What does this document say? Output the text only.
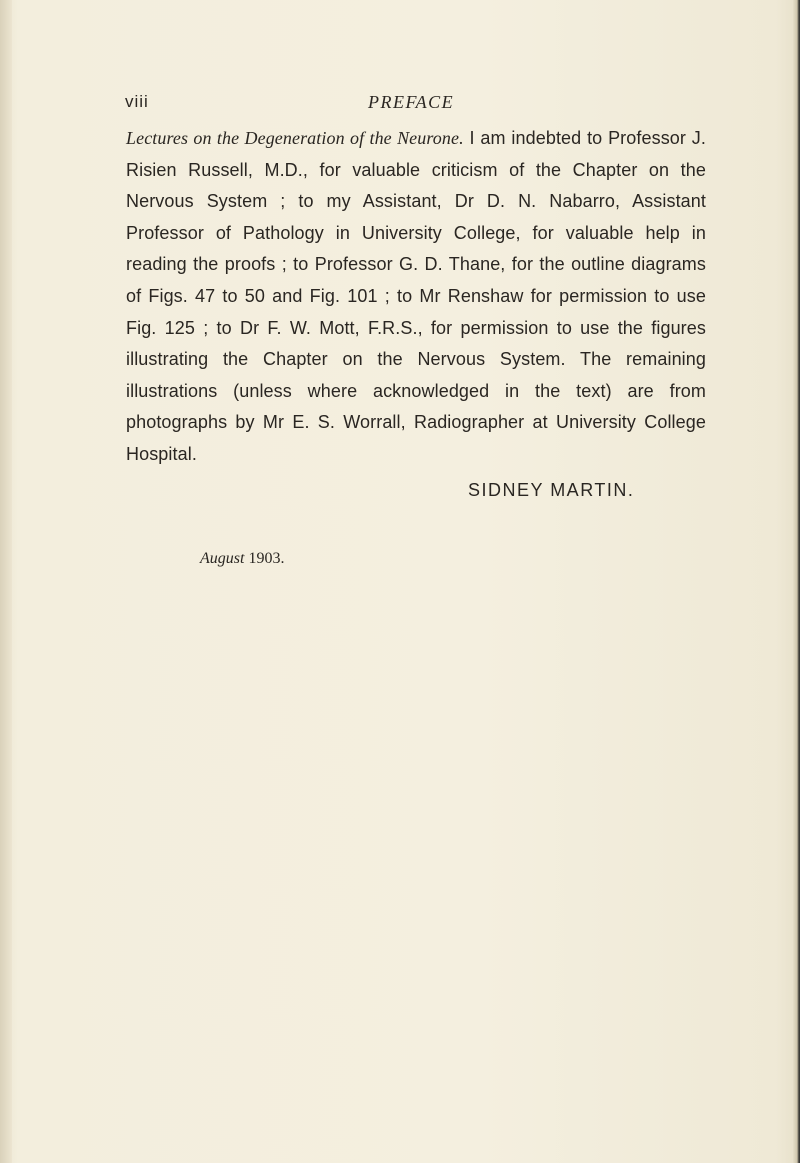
viii	PREFACE
Lectures on the Degeneration of the Neurone. I am indebted to Professor J. Risien Russell, M.D., for valuable criticism of the Chapter on the Nervous System ; to my Assistant, Dr D. N. Nabarro, Assistant Professor of Pathology in University College, for valuable help in reading the proofs ; to Professor G. D. Thane, for the outline diagrams of Figs. 47 to 50 and Fig. 101 ; to Mr Renshaw for permission to use Fig. 125 ; to Dr F. W. Mott, F.R.S., for permission to use the figures illustrating the Chapter on the Nervous System. The remaining illustrations (unless where acknowledged in the text) are from photographs by Mr E. S. Worrall, Radiographer at University College Hospital.
SIDNEY MARTIN.
August 1903.
